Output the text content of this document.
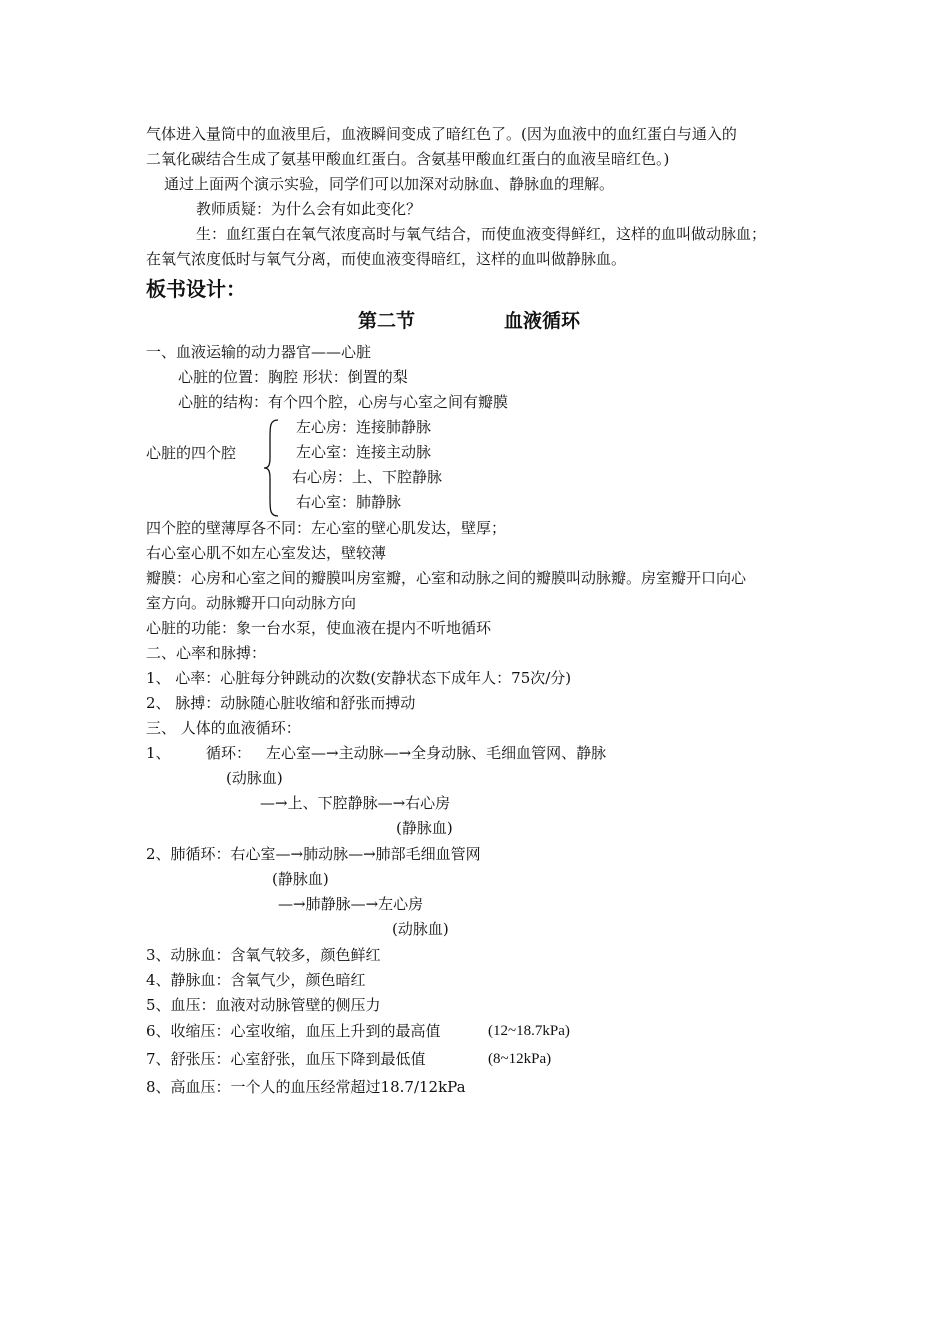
气体进入量筒中的血液里后，血液瞬间变成了暗红色了。(因为血液中的血红蛋白与通入的
二氧化碳结合生成了氨基甲酸血红蛋白。含氨基甲酸血红蛋白的血液呈暗红色。)
通过上面两个演示实验，同学们可以加深对动脉血、静脉血的理解。
教师质疑：为什么会有如此变化？
生：血红蛋白在氧气浓度高时与氧气结合，而使血液变得鲜红，这样的血叫做动脉血；
在氧气浓度低时与氧气分离，而使血液变得暗红，这样的血叫做静脉血。
板书设计：
第二节	血液循环
一、血液运输的动力器官——心脏
心脏的位置：胸腔 形状：倒置的梨
心脏的结构：有个四个腔，心房与心室之间有瓣膜
心脏的四个腔
左心房：连接肺静脉
左心室：连接主动脉
右心房：上、下腔静脉
右心室：肺静脉
四个腔的壁薄厚各不同：左心室的壁心肌发达，壁厚；
右心室心肌不如左心室发达，壁较薄
瓣膜：心房和心室之间的瓣膜叫房室瓣，心室和动脉之间的瓣膜叫动脉瓣。房室瓣开口向心
室方向。动脉瓣开口向动脉方向
心脏的功能：象一台水泵，使血液在提内不听地循环
二、心率和脉搏：
1、 心率：心脏每分钟跳动的次数(安静状态下成年人：75次/分)
2、 脉搏：动脉随心脏收缩和舒张而搏动
三、 人体的血液循环：
1、 循环： 左心室—→主动脉—→全身动脉、毛细血管网、静脉
(动脉血)
—→上、下腔静脉—→右心房
(静脉血)
2、肺循环：右心室—→肺动脉—→肺部毛细血管网
(静脉血)
—→肺静脉—→左心房
(动脉血)
3、动脉血：含氧气较多，颜色鲜红
4、静脉血：含氧气少，颜色暗红
5、血压：血液对动脉管壁的侧压力
6、收缩压：心室收缩，血压上升到的最高值	(12~18.7kPa)
7、舒张压：心室舒张，血压下降到最低值	(8~12kPa)
8、高血压：一个人的血压经常超过18.7/12kPa
